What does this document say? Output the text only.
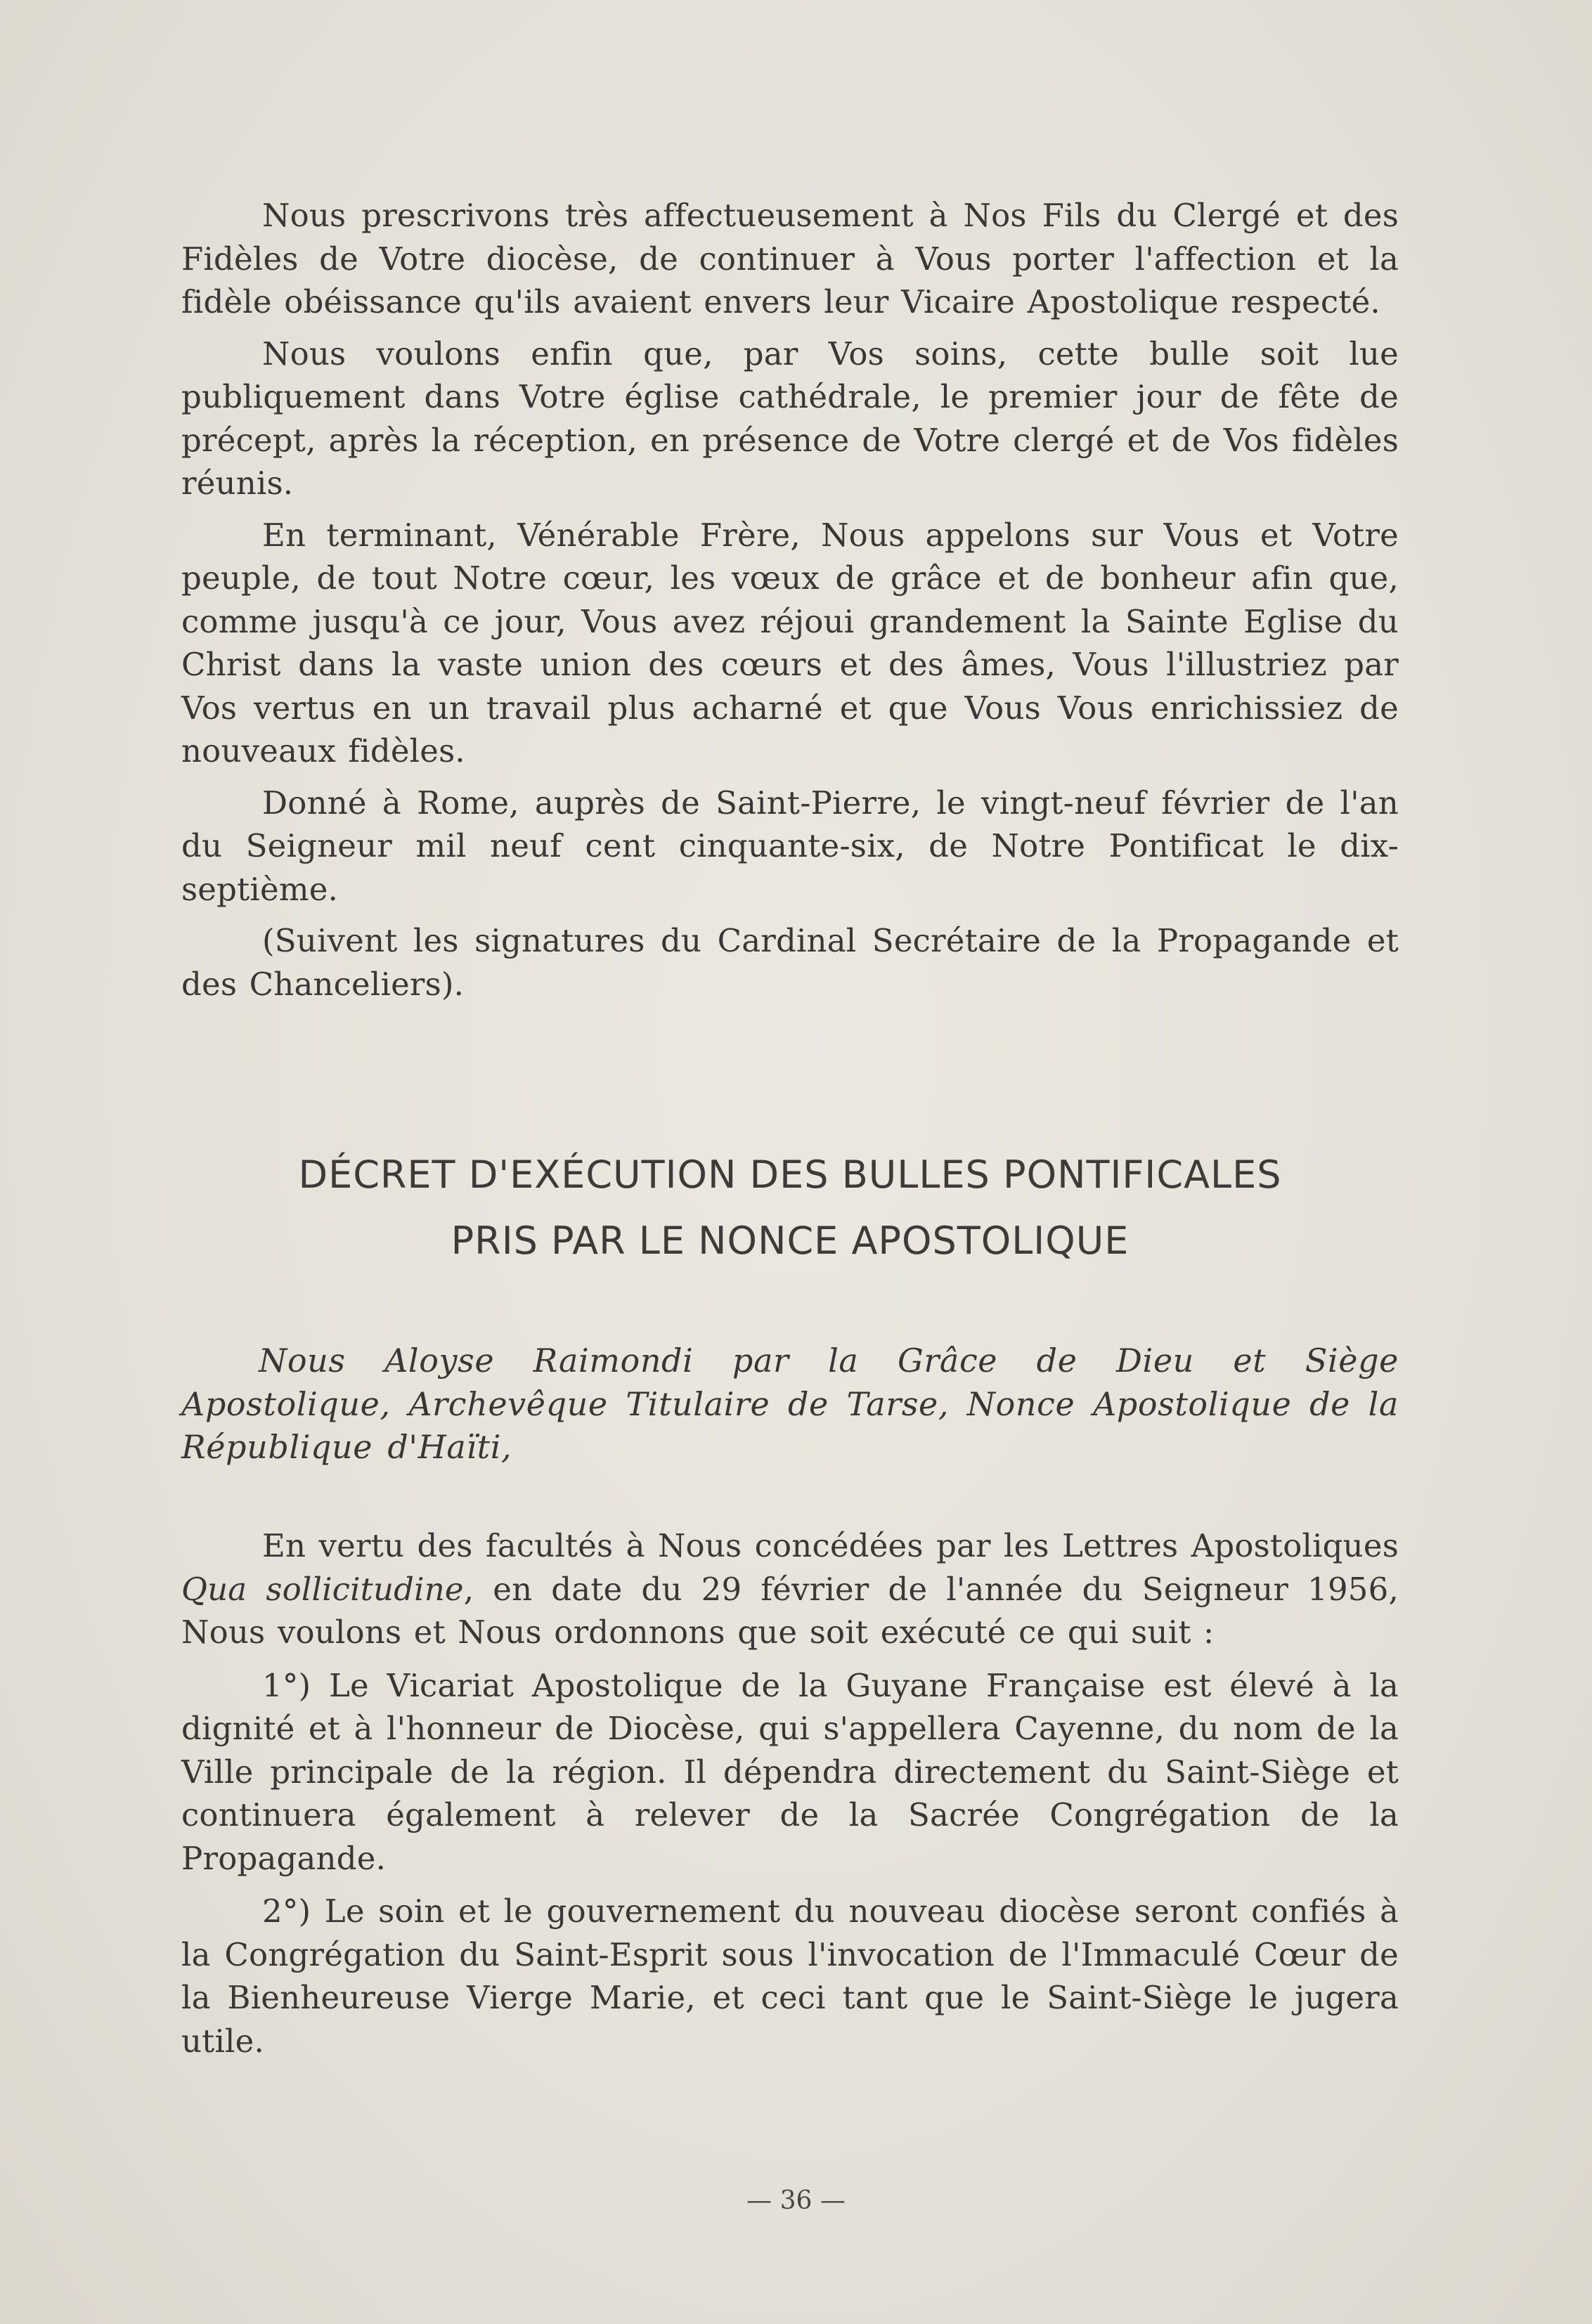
Nous prescrivons très affectueusement à Nos Fils du Clergé et des Fidèles de Votre diocèse, de continuer à Vous porter l'affection et la fidèle obéissance qu'ils avaient envers leur Vicaire Apostolique respecté.

Nous voulons enfin que, par Vos soins, cette bulle soit lue publiquement dans Votre église cathédrale, le premier jour de fête de précept, après la réception, en présence de Votre clergé et de Vos fidèles réunis.

En terminant, Vénérable Frère, Nous appelons sur Vous et Votre peuple, de tout Notre cœur, les vœux de grâce et de bonheur afin que, comme jusqu'à ce jour, Vous avez réjoui grandement la Sainte Eglise du Christ dans la vaste union des cœurs et des âmes, Vous l'illustriez par Vos vertus en un travail plus acharné et que Vous Vous enrichissiez de nouveaux fidèles.

Donné à Rome, auprès de Saint-Pierre, le vingt-neuf février de l'an du Seigneur mil neuf cent cinquante-six, de Notre Pontificat le dix-septième.

(Suivent les signatures du Cardinal Secrétaire de la Propagande et des Chanceliers).

DÉCRET D'EXÉCUTION DES BULLES PONTIFICALES
PRIS PAR LE NONCE APOSTOLIQUE

Nous Aloyse Raimondi par la Grâce de Dieu et Siège Apostolique, Archevêque Titulaire de Tarse, Nonce Apostolique de la République d'Haïti,

En vertu des facultés à Nous concédées par les Lettres Apostoliques Qua sollicitudine, en date du 29 février de l'année du Seigneur 1956, Nous voulons et Nous ordonnons que soit exécuté ce qui suit :

1°) Le Vicariat Apostolique de la Guyane Française est élevé à la dignité et à l'honneur de Diocèse, qui s'appellera Cayenne, du nom de la Ville principale de la région. Il dépendra directement du Saint-Siège et continuera également à relever de la Sacrée Congrégation de la Propagande.

2°) Le soin et le gouvernement du nouveau diocèse seront confiés à la Congrégation du Saint-Esprit sous l'invocation de l'Immaculé Cœur de la Bienheureuse Vierge Marie, et ceci tant que le Saint-Siège le jugera utile.

— 36 —
